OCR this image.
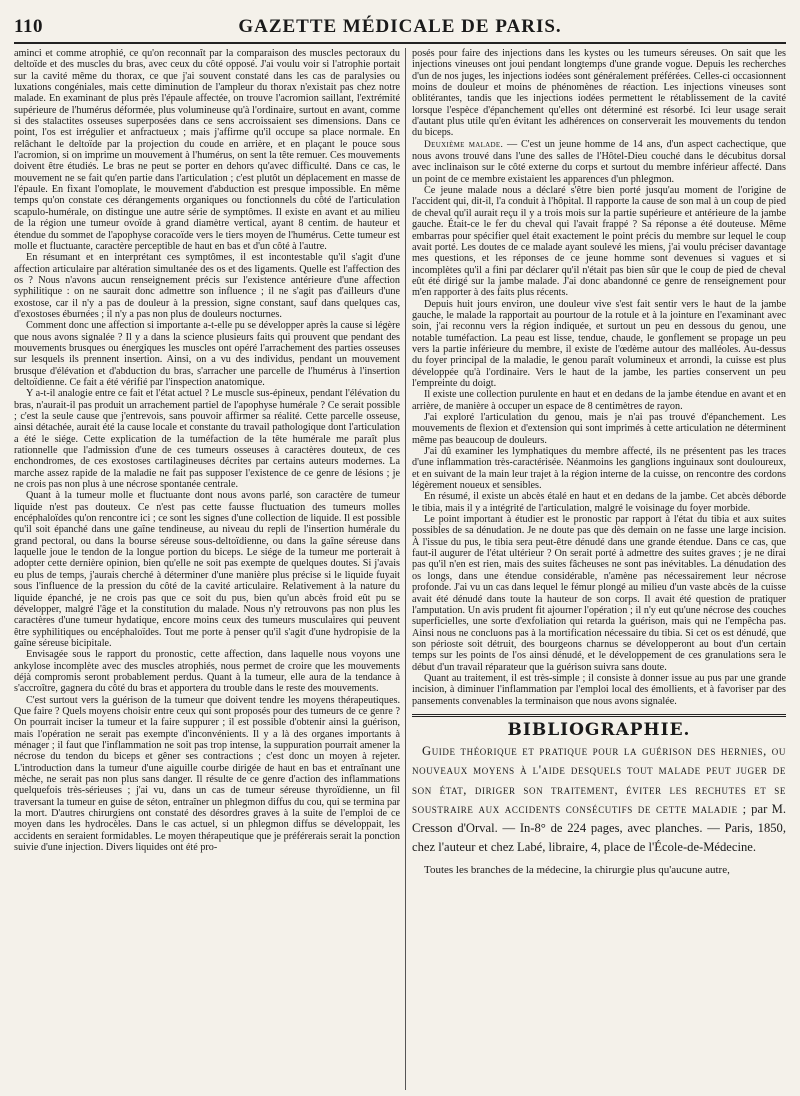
110	GAZETTE MÉDICALE DE PARIS.

aminci et comme atrophié, ce qu'on reconnaît par la comparaison des muscles pectoraux du deltoïde et des muscles du bras, avec ceux du côté opposé. J'ai voulu voir si l'atrophie portait sur la cavité même du thorax, ce que j'ai souvent constaté dans les cas de paralysies ou luxations congéniales, mais cette diminution de l'ampleur du thorax n'existait pas chez notre malade. En examinant de plus près l'épaule affectée, on trouve l'acromion saillant, l'extrémité supérieure de l'humérus déformée, plus volumineuse qu'à l'ordinaire, surtout en avant, comme si des stalactites osseuses superposées dans ce sens accroissaient ses dimensions. Dans ce point, l'os est irrégulier et anfractueux ; mais j'affirme qu'il occupe sa place normale. En relâchant le deltoïde par la projection du coude en arrière, et en plaçant le pouce sous l'acromion, si on imprime un mouvement à l'humérus, on sent la tête remuer. Ces mouvements doivent être étudiés. Le bras ne peut se porter en dehors qu'avec difficulté. Dans ce cas, le mouvement ne se fait qu'en partie dans l'articulation ; c'est plutôt un déplacement en masse de l'épaule. En fixant l'omoplate, le mouvement d'abduction est presque impossible. En même temps qu'on constate ces dérangements organiques ou fonctionnels du côté de l'articulation scapulo-humérale, on distingue une autre série de symptômes. Il existe en avant et au milieu de la région une tumeur ovoïde à grand diamètre vertical, ayant 8 centim. de hauteur et étendue du sommet de l'apophyse coracoïde vers le tiers moyen de l'humérus. Cette tumeur est molle et fluctuante, caractère perceptible de haut en bas et d'un côté à l'autre.

En résumant et en interprétant ces symptômes, il est incontestable qu'il s'agit d'une affection articulaire par altération simultanée des os et des ligaments. Quelle est l'affection des os ? Nous n'avons aucun renseignement précis sur l'existence antérieure d'une affection syphilitique : on ne saurait donc admettre son influence ; il ne s'agit pas d'ailleurs d'une exostose, car il n'y a pas de douleur à la pression, signe constant, sauf dans quelques cas, d'exostoses éburnées ; il n'y a pas non plus de douleurs nocturnes.

Comment donc une affection si importante a-t-elle pu se développer après la cause si légère que nous avons signalée ? Il y a dans la science plusieurs faits qui prouvent que pendant des mouvements brusques ou énergiques les muscles ont opéré l'arrachement des parties osseuses sur lesquels ils prennent insertion. Ainsi, on a vu des individus, pendant un mouvement brusque d'élévation et d'abduction du bras, s'arracher une parcelle de l'humérus à l'insertion deltoïdienne. Ce fait a été vérifié par l'inspection anatomique.

Y a-t-il analogie entre ce fait et l'état actuel ? Le muscle sus-épineux, pendant l'élévation du bras, n'aurait-il pas produit un arrachement partiel de l'apophyse humérale ? Ce serait possible ; c'est la seule cause que j'entrevois, sans pouvoir affirmer sa réalité. Cette parcelle osseuse, ainsi détachée, aurait été la cause locale et constante du travail pathologique dont l'articulation a été le siége. Cette explication de la tuméfaction de la tête humérale me paraît plus rationnelle que l'admission d'une de ces tumeurs osseuses à caractères douteux, de ces enchondromes, de ces exostoses cartilagineuses décrites par certains auteurs modernes. La marche assez rapide de la maladie ne fait pas supposer l'existence de ce genre de lésions ; je ne crois pas non plus à une nécrose spontanée centrale.

Quant à la tumeur molle et fluctuante dont nous avons parlé, son caractère de tumeur liquide n'est pas douteux. Ce n'est pas cette fausse fluctuation des tumeurs molles encéphaloïdes qu'on rencontre ici ; ce sont les signes d'une collection de liquide. Il est possible qu'il soit épanché dans une gaîne tendineuse, au niveau du repli de l'insertion humérale du grand pectoral, ou dans la bourse séreuse sous-deltoïdienne, ou dans la gaîne séreuse dans laquelle joue le tendon de la longue portion du biceps. Le siége de la tumeur me porterait à adopter cette dernière opinion, bien qu'elle ne soit pas exempte de quelques doutes. Si j'avais eu plus de temps, j'aurais cherché à déterminer d'une manière plus précise si le liquide fuyait sous l'influence de la pression du côté de la cavité articulaire. Relativement à la nature du liquide épanché, je ne crois pas que ce soit du pus, bien qu'un abcès froid eût pu se développer, malgré l'âge et la constitution du malade. Nous n'y retrouvons pas non plus les caractères d'une tumeur hydatique, encore moins ceux des tumeurs musculaires qui peuvent être syphilitiques ou encéphaloïdes. Tout me porte à penser qu'il s'agit d'une hydropisie de la gaîne séreuse bicipitale.

Envisagée sous le rapport du pronostic, cette affection, dans laquelle nous voyons une ankylose incomplète avec des muscles atrophiés, nous permet de croire que les mouvements déjà compromis seront probablement perdus. Quant à la tumeur, elle aura de la tendance à s'accroître, gagnera du côté du bras et apportera du trouble dans le reste des mouvements.

C'est surtout vers la guérison de la tumeur que doivent tendre les moyens thérapeutiques. Que faire ? Quels moyens choisir entre ceux qui sont proposés pour des tumeurs de ce genre ? On pourrait inciser la tumeur et la faire suppurer ; il est possible d'obtenir ainsi la guérison, mais l'opération ne serait pas exempte d'inconvénients. Il y a là des organes importants à ménager ; il faut que l'inflammation ne soit pas trop intense, la suppuration pourrait amener la nécrose du tendon du biceps et gêner ses contractions ; c'est donc un moyen à rejeter. L'introduction dans la tumeur d'une aiguille courbe dirigée de haut en bas et entraînant une mèche, ne serait pas non plus sans danger. Il résulte de ce genre d'action des inflammations quelquefois très-sérieuses ; j'ai vu, dans un cas de tumeur séreuse thyroïdienne, un fil traversant la tumeur en guise de séton, entraîner un phlegmon diffus du cou, qui se termina par la mort. D'autres chirurgiens ont constaté des désordres graves à la suite de l'emploi de ce moyen dans les hydrocèles. Dans le cas actuel, si un phlegmon diffus se développait, les accidents en seraient formidables. Le moyen thérapeutique que je préférerais serait la ponction suivie d'une injection. Divers liquides ont été pro-

posés pour faire des injections dans les kystes ou les tumeurs séreuses. On sait que les injections vineuses ont joui pendant longtemps d'une grande vogue. Depuis les recherches d'un de nos juges, les injections iodées sont généralement préférées. Celles-ci occasionnent moins de douleur et moins de phénomènes de réaction. Les injections vineuses sont oblitérantes, tandis que les injections iodées permettent le rétablissement de la cavité lorsque l'espèce d'épanchement qu'elles ont déterminé est résorbé. Ici leur usage serait d'autant plus utile qu'en évitant les adhérences on conserverait les mouvements du tendon du biceps.

Deuxième malade. — C'est un jeune homme de 14 ans, d'un aspect cachectique, que nous avons trouvé dans l'une des salles de l'Hôtel-Dieu couché dans le décubitus dorsal avec inclinaison sur le côté externe du corps et surtout du membre inférieur affecté. Dans un point de ce membre existaient les apparences d'un phlegmon.

Ce jeune malade nous a déclaré s'être bien porté jusqu'au moment de l'origine de l'accident qui, dit-il, l'a conduit à l'hôpital. Il rapporte la cause de son mal à un coup de pied de cheval qu'il aurait reçu il y a trois mois sur la partie supérieure et antérieure de la jambe gauche. Était-ce le fer du cheval qui l'avait frappé ? Sa réponse a été douteuse. Même embarras pour spécifier quel était exactement le point précis du membre sur lequel le coup avait porté. Les doutes de ce malade ayant soulevé les miens, j'ai voulu préciser davantage mes questions, et les réponses de ce jeune homme sont devenues si vagues et si incomplètes qu'il a fini par déclarer qu'il n'était pas bien sûr que le coup de pied de cheval eût été dirigé sur la jambe malade. J'ai donc abandonné ce genre de renseignement pour m'en rapporter à des faits plus récents.

Depuis huit jours environ, une douleur vive s'est fait sentir vers le haut de la jambe gauche, le malade la rapportait au pourtour de la rotule et à la jointure en l'examinant avec soin, j'ai reconnu vers la région indiquée, et surtout un peu en dessous du genou, une notable tuméfaction. La peau est lisse, tendue, chaude, le gonflement se propage un peu vers la partie inférieure du membre, il existe de l'œdème autour des malléoles. Au-dessus du foyer principal de la maladie, le genou paraît volumineux et arrondi, la cuisse est plus développée qu'à l'ordinaire. Vers le haut de la jambe, les parties conservent un peu l'empreinte du doigt.

Il existe une collection purulente en haut et en dedans de la jambe étendue en avant et en arrière, de manière à occuper un espace de 8 centimètres de rayon.

J'ai exploré l'articulation du genou, mais je n'ai pas trouvé d'épanchement. Les mouvements de flexion et d'extension qui sont imprimés à cette articulation ne déterminent même pas beaucoup de douleurs.

J'ai dû examiner les lymphatiques du membre affecté, ils ne présentent pas les traces d'une inflammation très-caractérisée. Néanmoins les ganglions inguinaux sont douloureux, et en suivant de la main leur trajet à la région interne de la cuisse, on rencontre des cordons légèrement noueux et sensibles.

En résumé, il existe un abcès étalé en haut et en dedans de la jambe. Cet abcès déborde le tibia, mais il y a intégrité de l'articulation, malgré le voisinage du foyer morbide.

Le point important à étudier est le pronostic par rapport à l'état du tibia et aux suites possibles de sa dénudation. Je ne doute pas que dès demain on ne fasse une large incision. À l'issue du pus, le tibia sera peut-être dénudé dans une grande étendue. Dans ce cas, que faut-il augurer de l'état ultérieur ? On serait porté à admettre des suites graves ; je ne dirai pas qu'il n'en est rien, mais des suites fâcheuses ne sont pas inévitables. La dénudation des os longs, dans une étendue considérable, n'amène pas nécessairement leur nécrose profonde. J'ai vu un cas dans lequel le fémur plongé au milieu d'un vaste abcès de la cuisse avait été dénudé dans toute la hauteur de son corps. Il avait été question de pratiquer l'amputation. Un avis prudent fit ajourner l'opération ; il n'y eut qu'une nécrose des couches superficielles, une sorte d'exfoliation qui retarda la guérison, mais qui ne l'empêcha pas. Ainsi nous ne concluons pas à la mortification nécessaire du tibia. Si cet os est dénudé, que son périoste soit détruit, des bourgeons charnus se développeront au bout d'un certain temps sur les points de l'os ainsi dénudé, et le développement de ces granulations sera le début d'un travail réparateur que la guérison suivra sans doute.

Quant au traitement, il est très-simple ; il consiste à donner issue au pus par une grande incision, à diminuer l'inflammation par l'emploi local des émollients, et à favoriser par des pansements convenables la terminaison que nous avons signalée.

BIBLIOGRAPHIE.

Guide théorique et pratique pour la guérison des hernies, ou nouveaux moyens à l'aide desquels tout malade peut juger de son état, diriger son traitement, éviter les rechutes et se soustraire aux accidents consécutifs de cette maladie ; par M. Cresson d'Orval. — In-8° de 224 pages, avec planches. — Paris, 1850, chez l'auteur et chez Labé, libraire, 4, place de l'École-de-Médecine.

Toutes les branches de la médecine, la chirurgie plus qu'aucune autre,
